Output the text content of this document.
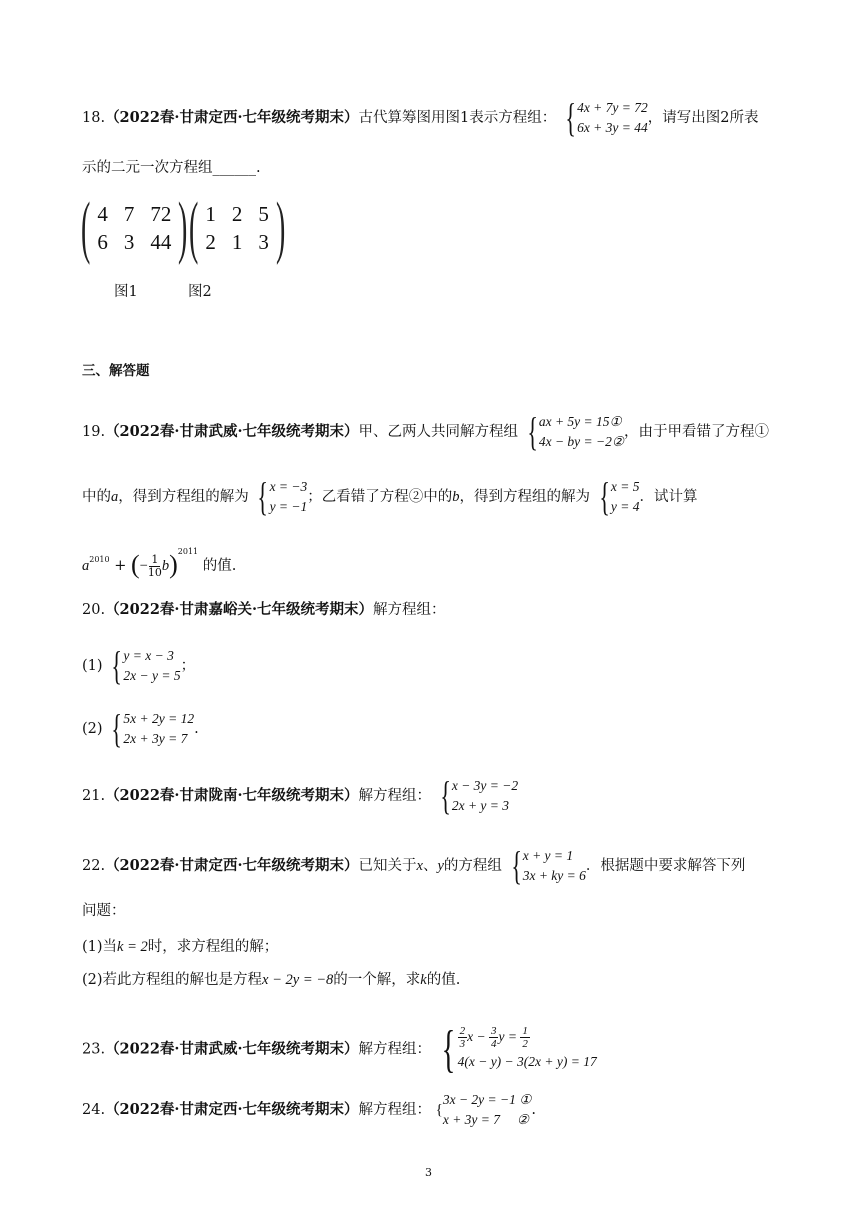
18.（2022春·甘肃定西·七年级统考期末）古代算筹图用图1表示方程组： { 4x + 7y = 72
6x + 3y = 44
，请写出图2所表
示的二元一次方程组______.
( 4 7 72
6 3 44 ) ( 1 2 5
2 1 3 )
图1	图2
三、解答题
19.（2022春·甘肃武威·七年级统考期末）甲、乙两人共同解方程组 { ax + 5y = 15①
4x − by = −2②
，由于甲看错了方程①
中的a，得到方程组的解为 { x = −3
y = −1
；乙看错了方程②中的b，得到方程组的解为 { x = 5
y = 4
．试计算
$a^{2010}$ + (− $\frac{1}{10} b)^{2011}$ 的值.
20.（2022春·甘肃嘉峪关·七年级统考期末）解方程组：
(1) { y = x − 3
2x − y = 5
；
(2) { 5x + 2y = 12
2x + 3y = 7
.
21.（2022春·甘肃陇南·七年级统考期末）解方程组： { x − 3y = −2
2x + y = 3
22.（2022春·甘肃定西·七年级统考期末）已知关于x、y的方程组 { x + y = 1
3x + ky = 6
．根据题中要求解答下列
问题：
(1)当k = 2时，求方程组的解；
(2)若此方程组的解也是方程x − 2y = −8的一个解，求k的值.
23.（2022春·甘肃武威·七年级统考期末）解方程组： { $\frac{2}{3}$ $x - \frac{3}{4}$ $y = \frac{1}{2}$
4(x − y) − 3(2x + y) = 17
24.（2022春·甘肃定西·七年级统考期末）解方程组： {
3x − 2y = −1 ①
x + 3y = 7     ②
.
3
